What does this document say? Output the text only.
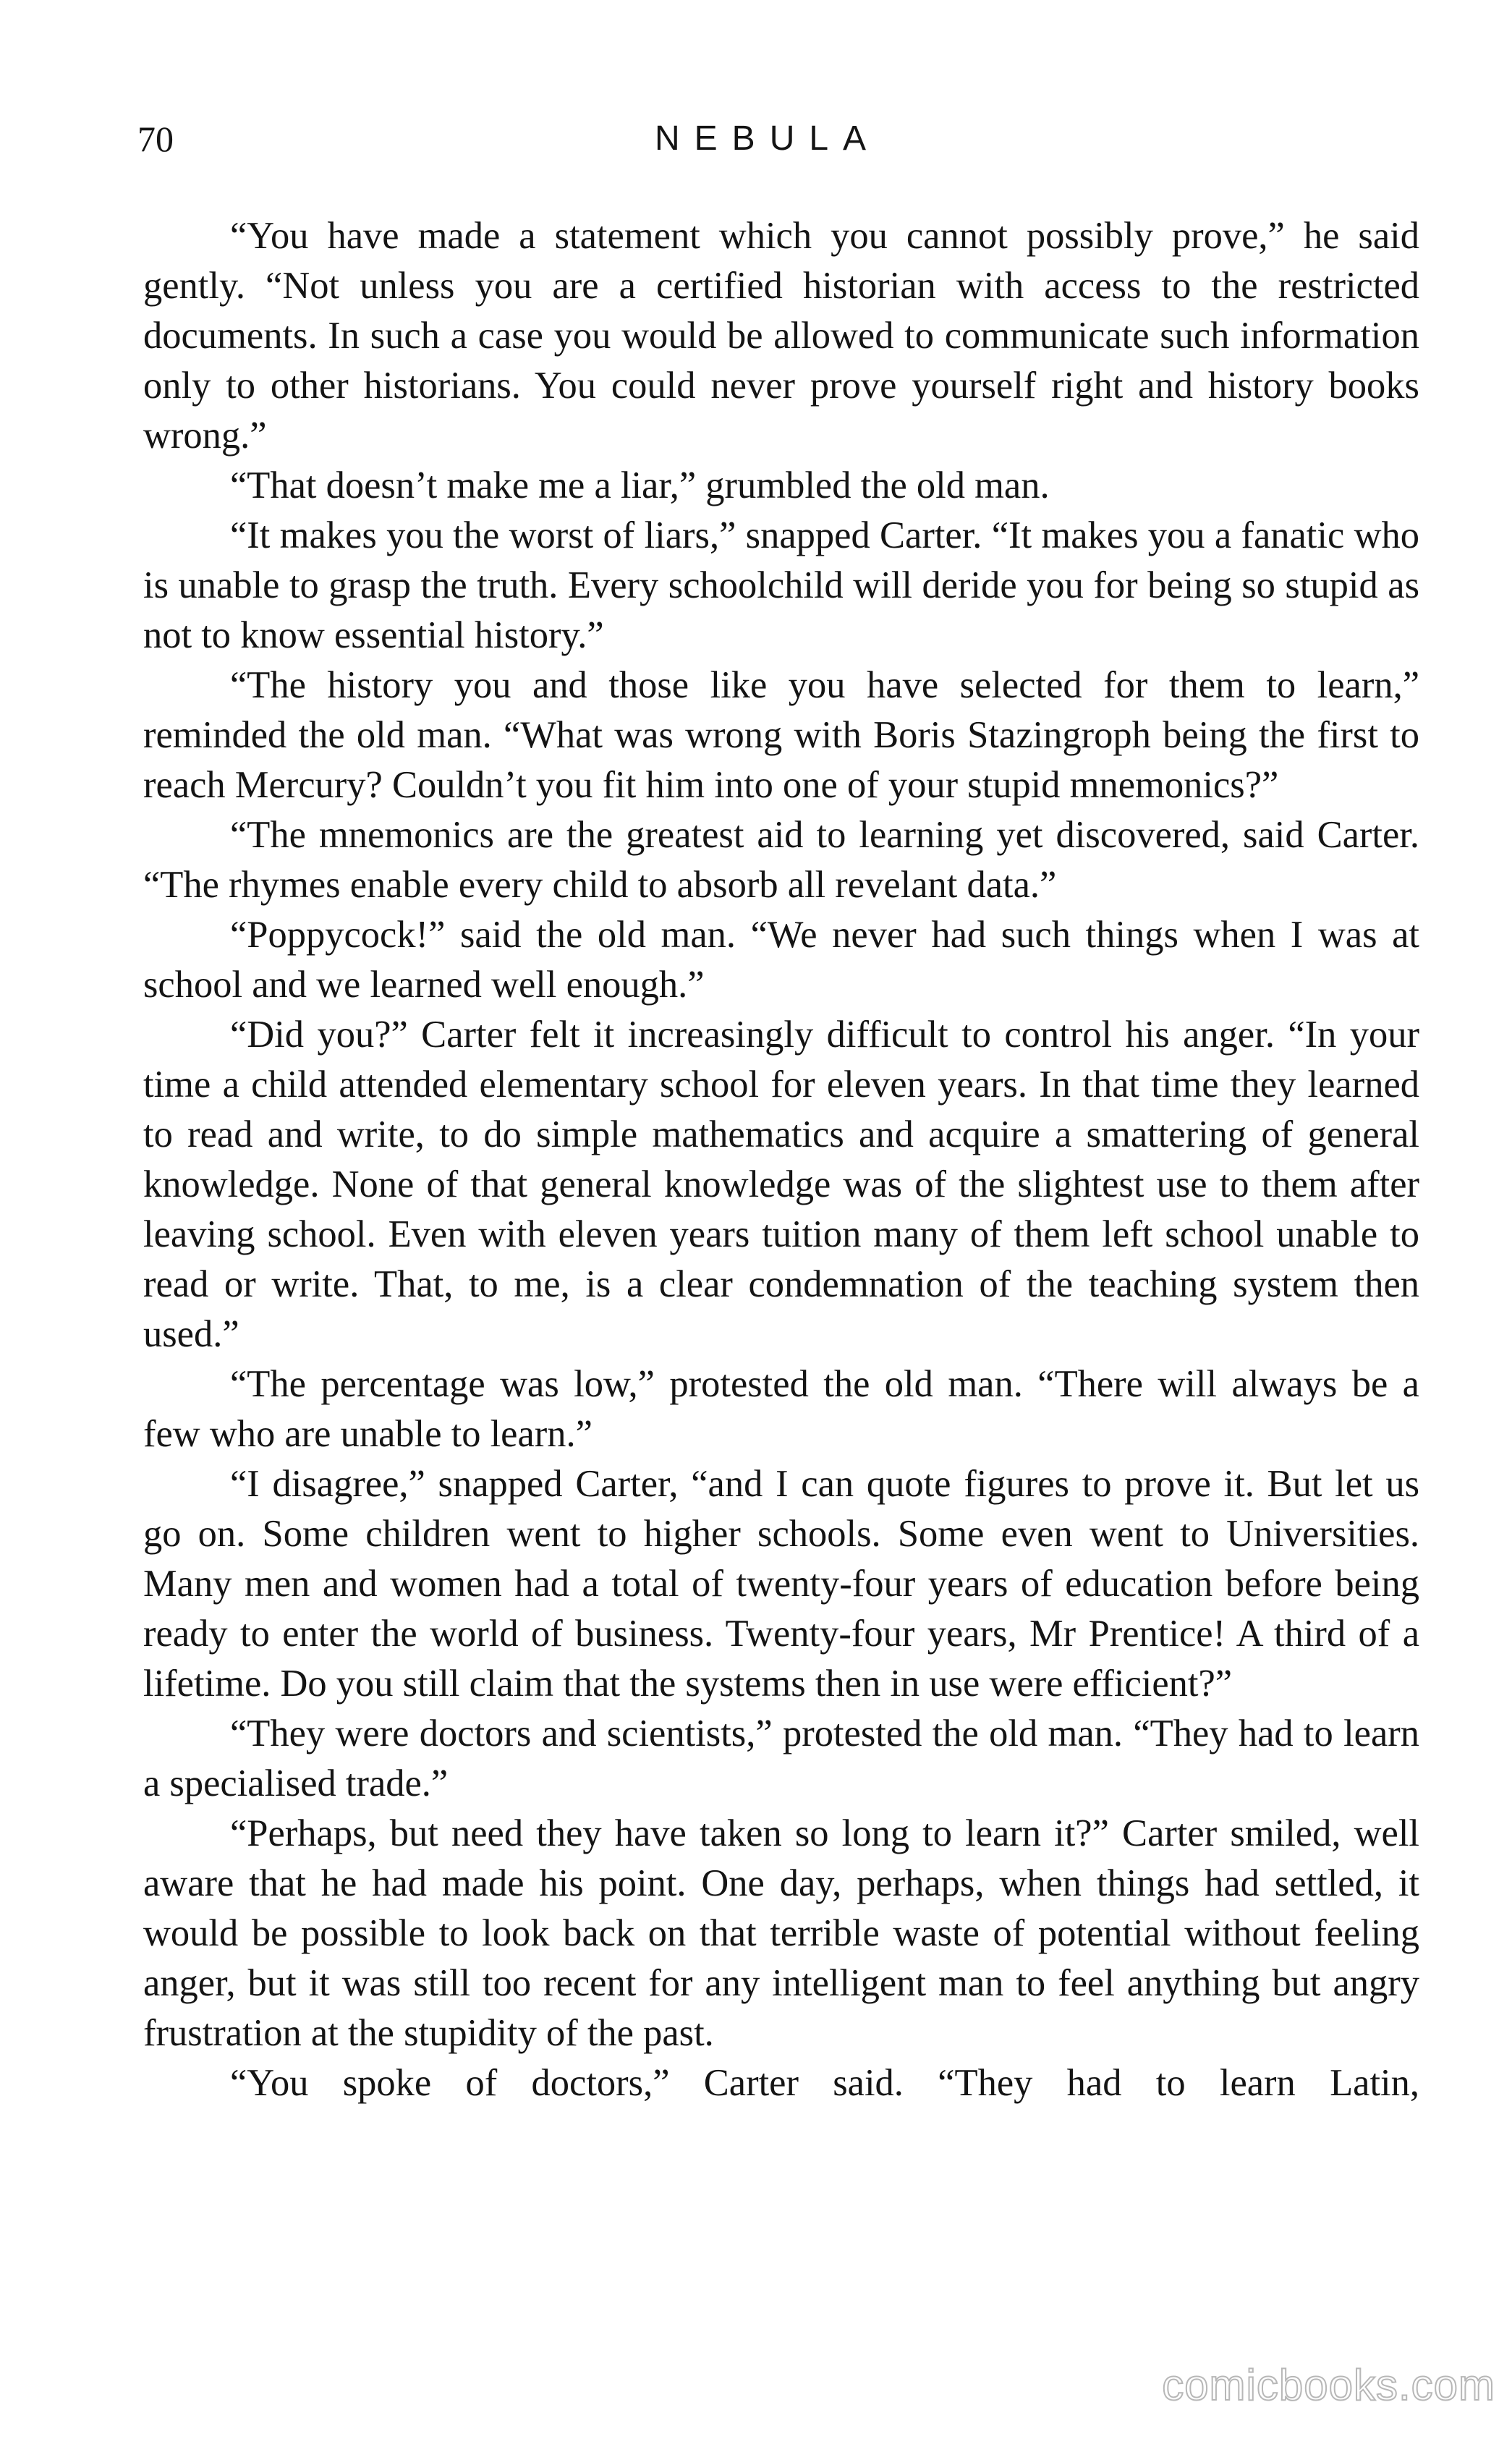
70	NEBULA

“You have made a statement which you cannot possibly prove,” he said gently. “Not unless you are a certified historian with access to the restricted documents. In such a case you would be allowed to communicate such information only to other historians. You could never prove yourself right and history books wrong.”

“That doesn’t make me a liar,” grumbled the old man.

“It makes you the worst of liars,” snapped Carter. “It makes you a fanatic who is unable to grasp the truth. Every schoolchild will deride you for being so stupid as not to know essential history.”

“The history you and those like you have selected for them to learn,” reminded the old man. “What was wrong with Boris Stazingroph being the first to reach Mercury? Couldn’t you fit him into one of your stupid mnemonics?”

“The mnemonics are the greatest aid to learning yet discovered, said Carter. “The rhymes enable every child to absorb all revelant data.”

“Poppycock!” said the old man. “We never had such things when I was at school and we learned well enough.”

“Did you?” Carter felt it increasingly difficult to control his anger. “In your time a child attended elementary school for eleven years. In that time they learned to read and write, to do simple mathematics and acquire a smattering of general knowledge. None of that general knowledge was of the slightest use to them after leaving school. Even with eleven years tuition many of them left school unable to read or write. That, to me, is a clear condemnation of the teaching system then used.”

“The percentage was low,” protested the old man. “There will always be a few who are unable to learn.”

“I disagree,” snapped Carter, “and I can quote figures to prove it. But let us go on. Some children went to higher schools. Some even went to Universities. Many men and women had a total of twenty-four years of education before being ready to enter the world of business. Twenty-four years, Mr Prentice! A third of a lifetime. Do you still claim that the systems then in use were efficient?”

“They were doctors and scientists,” protested the old man. “They had to learn a specialised trade.”

“Perhaps, but need they have taken so long to learn it?” Carter smiled, well aware that he had made his point. One day, perhaps, when things had settled, it would be possible to look back on that terrible waste of potential without feeling anger, but it was still too recent for any intelligent man to feel anything but angry frustration at the stupidity of the past.

“You spoke of doctors,” Carter said. “They had to learn Latin,

comicbooks.com
